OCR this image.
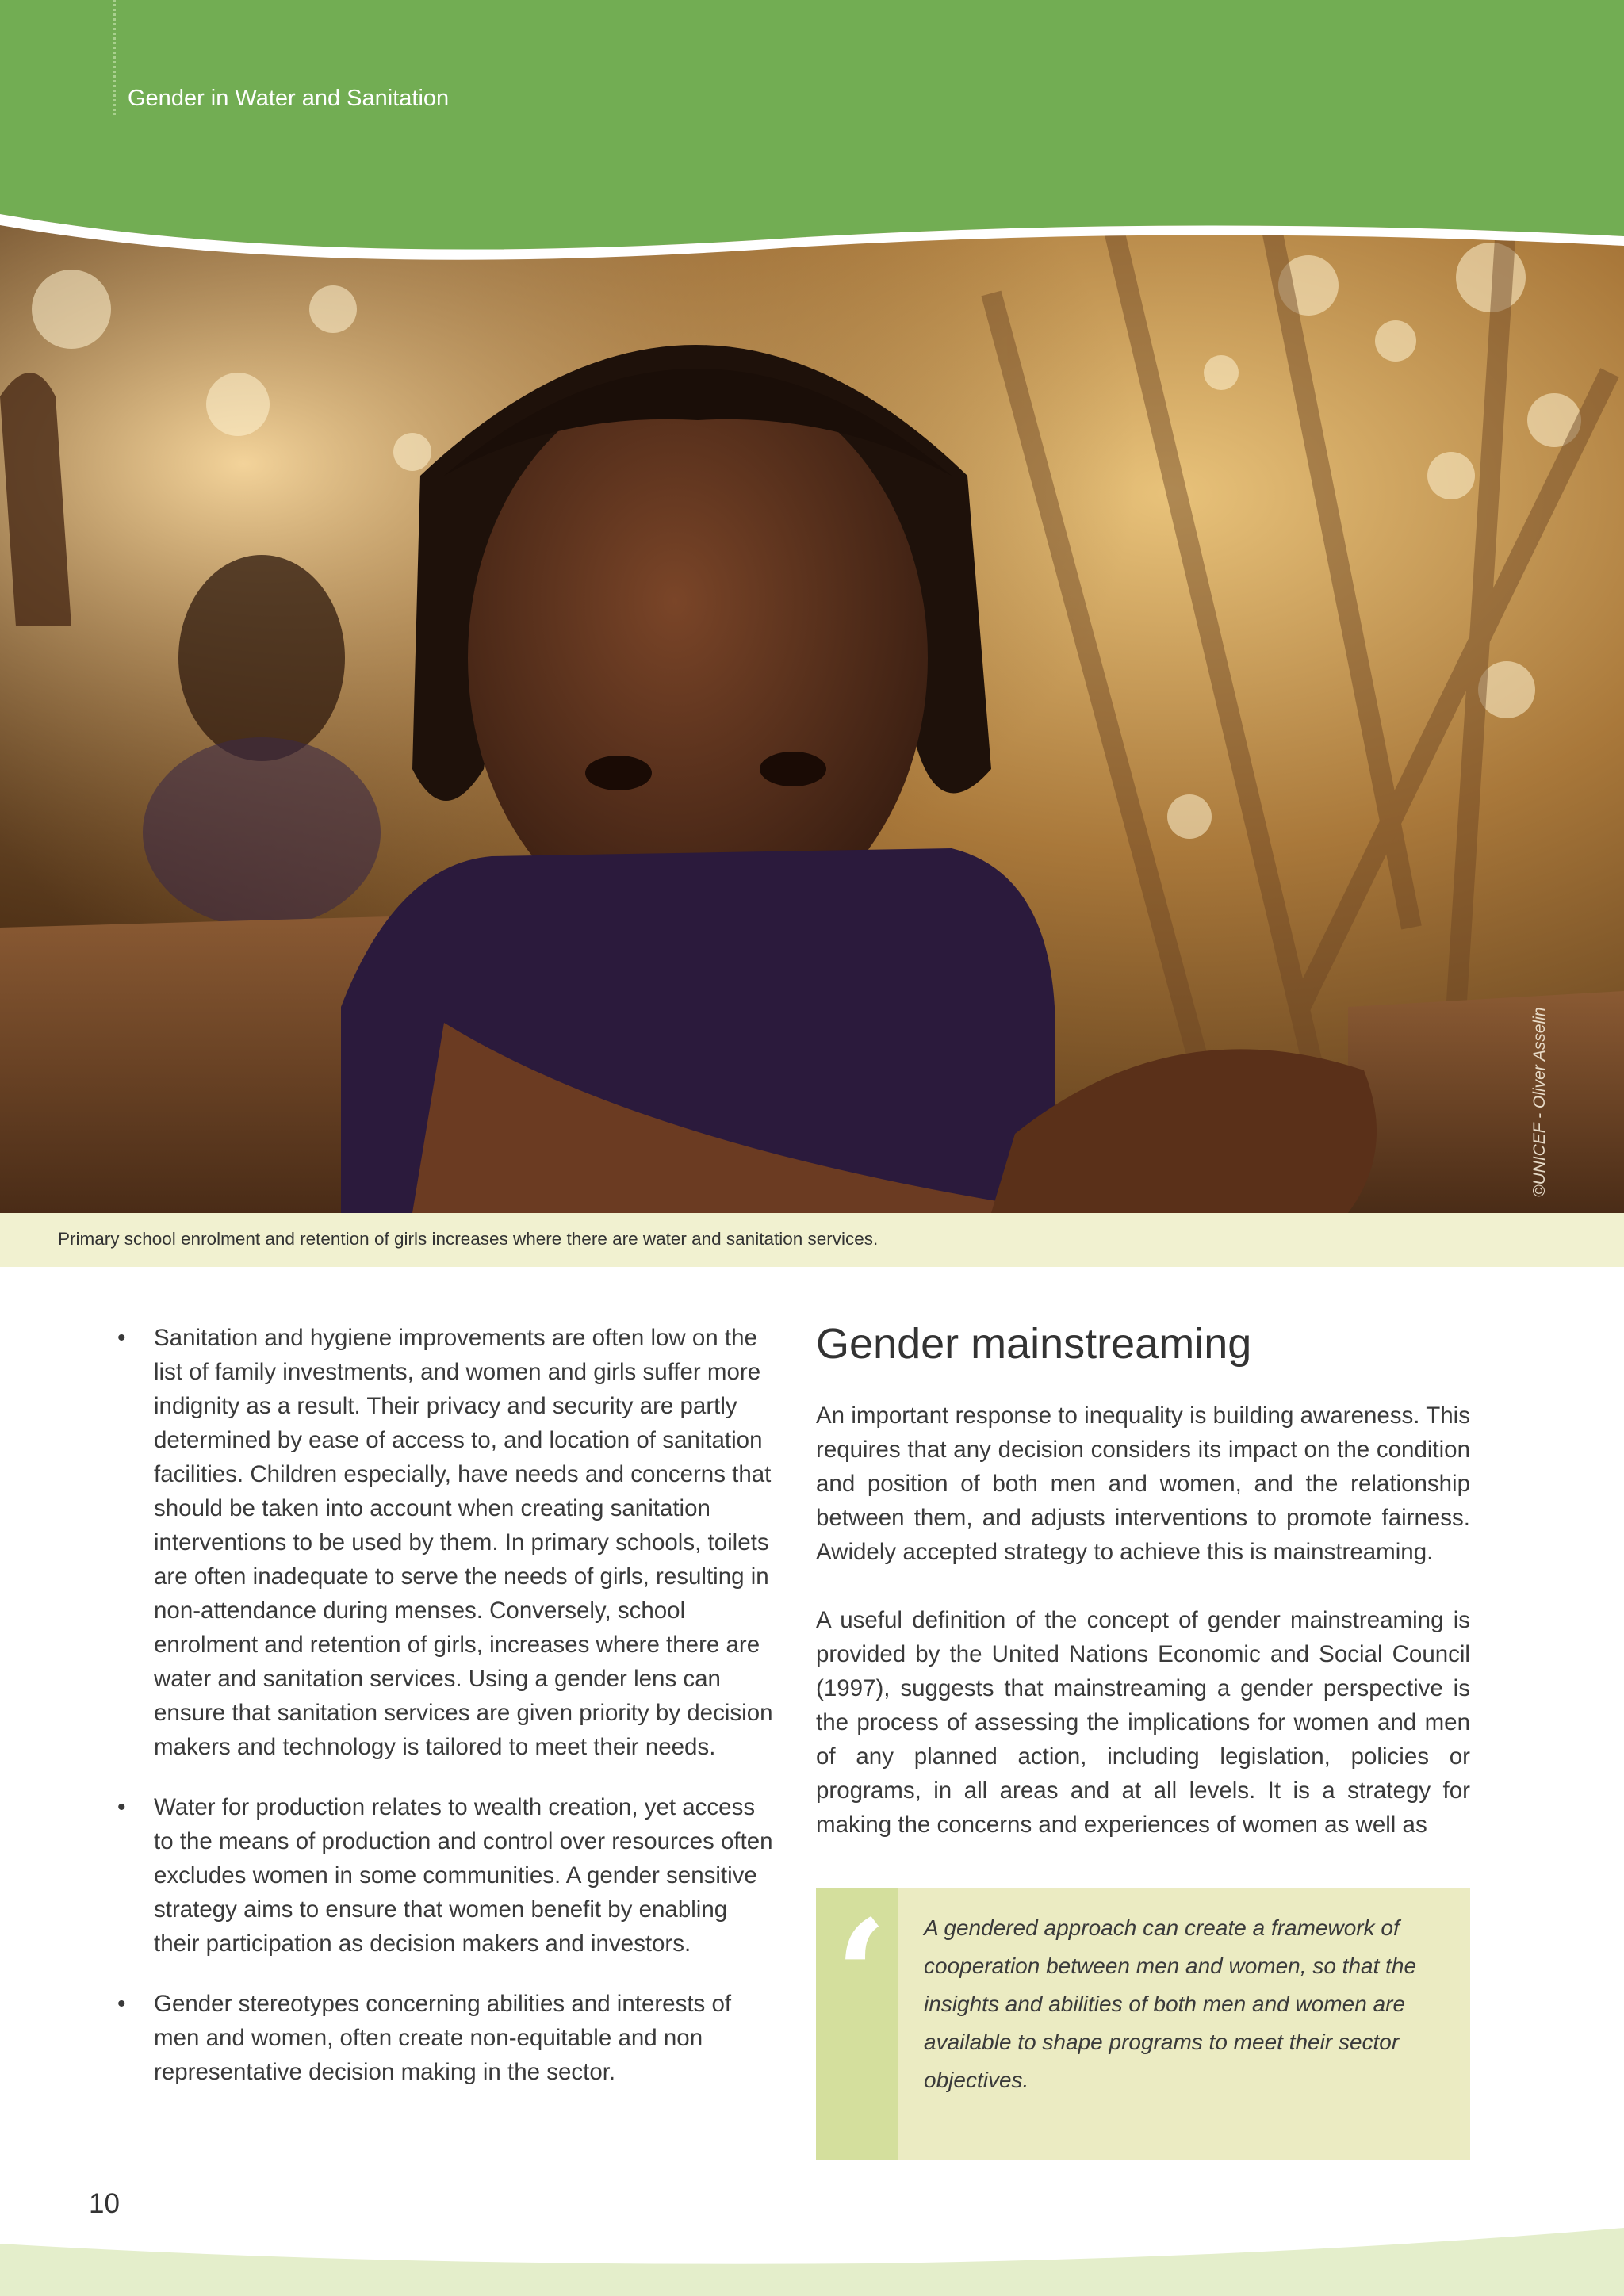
Gender in Water and Sanitation
©UNICEF - Oliver Asselin
Primary school enrolment and retention of girls increases where there are water and sanitation services.
• Sanitation and hygiene improvements are often low on the list of family investments, and women and girls suffer more indignity as a result. Their privacy and security are partly determined by ease of access to, and location of sanitation facilities. Children especially, have needs and concerns that should be taken into account when creating sanitation interventions to be used by them. In primary schools, toilets are often inadequate to serve the needs of girls, resulting in non-attendance during menses. Conversely, school enrolment and retention of girls, increases where there are water and sanitation services. Using a gender lens can ensure that sanitation services are given priority by decision makers and technology is tailored to meet their needs.
• Water for production relates to wealth creation, yet access to the means of production and control over resources often excludes women in some communities. A gender sensitive strategy aims to ensure that women benefit by enabling their participation as decision makers and investors.
• Gender stereotypes concerning abilities and interests of men and women, often create non-equitable and non representative decision making in the sector.
Gender mainstreaming

An important response to inequality is building awareness. This requires that any decision considers its impact on the condition and position of both men and women, and the relationship between them, and adjusts interventions to promote fairness. Awidely accepted strategy to achieve this is mainstreaming.

A useful definition of the concept of gender mainstreaming is provided by the United Nations Economic and Social Council (1997), suggests that mainstreaming a gender perspective is the process of assessing the implications for women and men of any planned action, including legislation, policies or programs, in all areas and at all levels. It is a strategy for making the concerns and experiences of women as well as

‘ A gendered approach can create a framework of cooperation between men and women, so that the insights and abilities of both men and women are available to shape programs to meet their sector objectives.
10
